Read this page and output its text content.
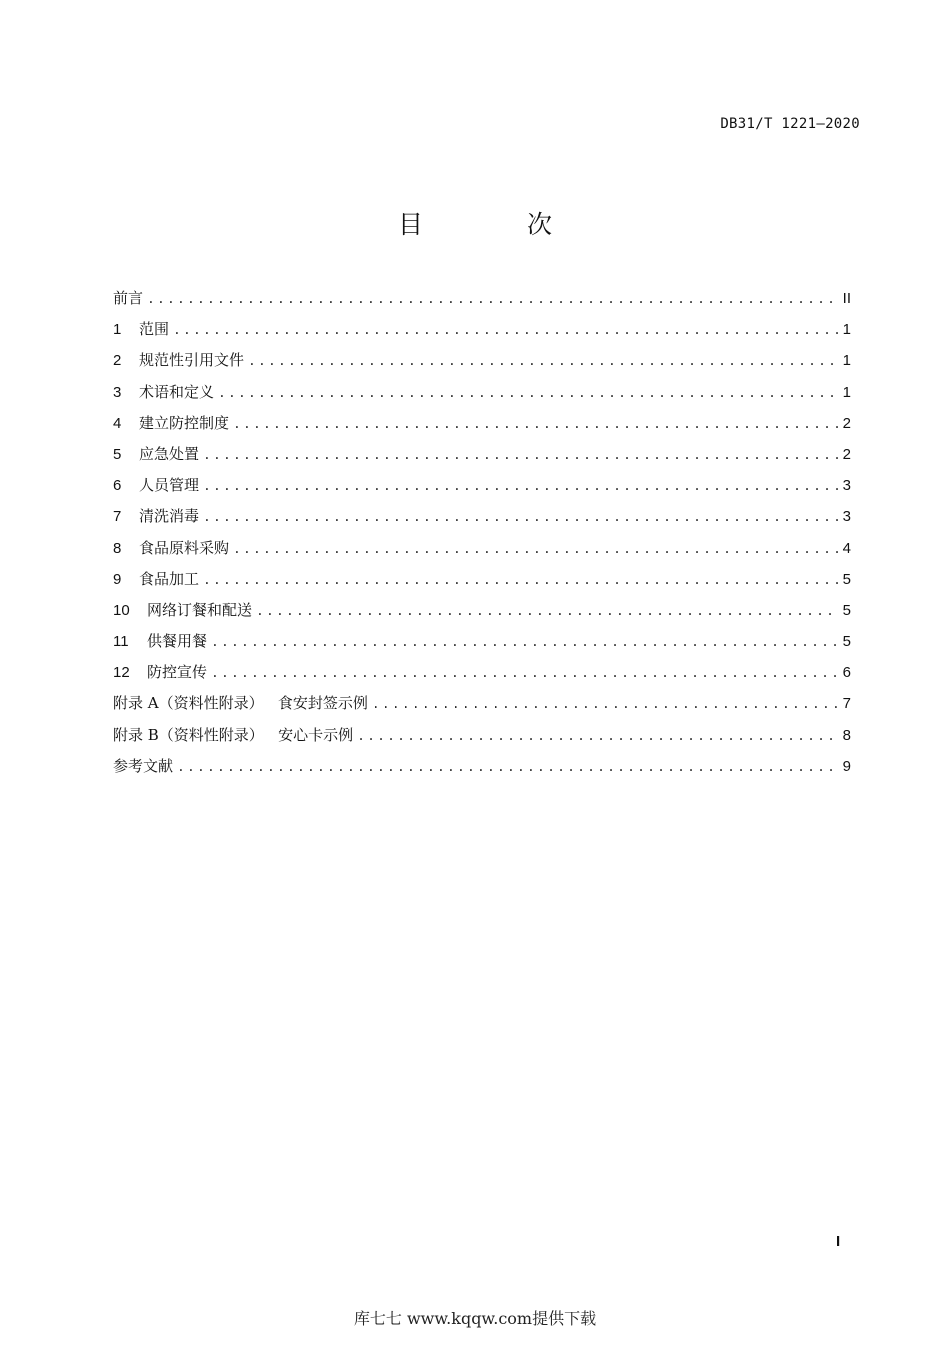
DB31/T 1221—2020
目 次
前言 .....	II
1	范围 .....	1
2	规范性引用文件 .....	1
3	术语和定义 .....	1
4	建立防控制度 .....	2
5	应急处置 .....	2
6	人员管理 .....	3
7	清洗消毒 .....	3
8	食品原料采购 .....	4
9	食品加工 .....	5
10	网络订餐和配送 .....	5
11	供餐用餐 .....	5
12	防控宣传 .....	6
附录 A（资料性附录）   食安封签示例 .....	7
附录 B（资料性附录）   安心卡示例 .....	8
参考文献 .....	9
I
库七七 www.kqqw.com提供下载
